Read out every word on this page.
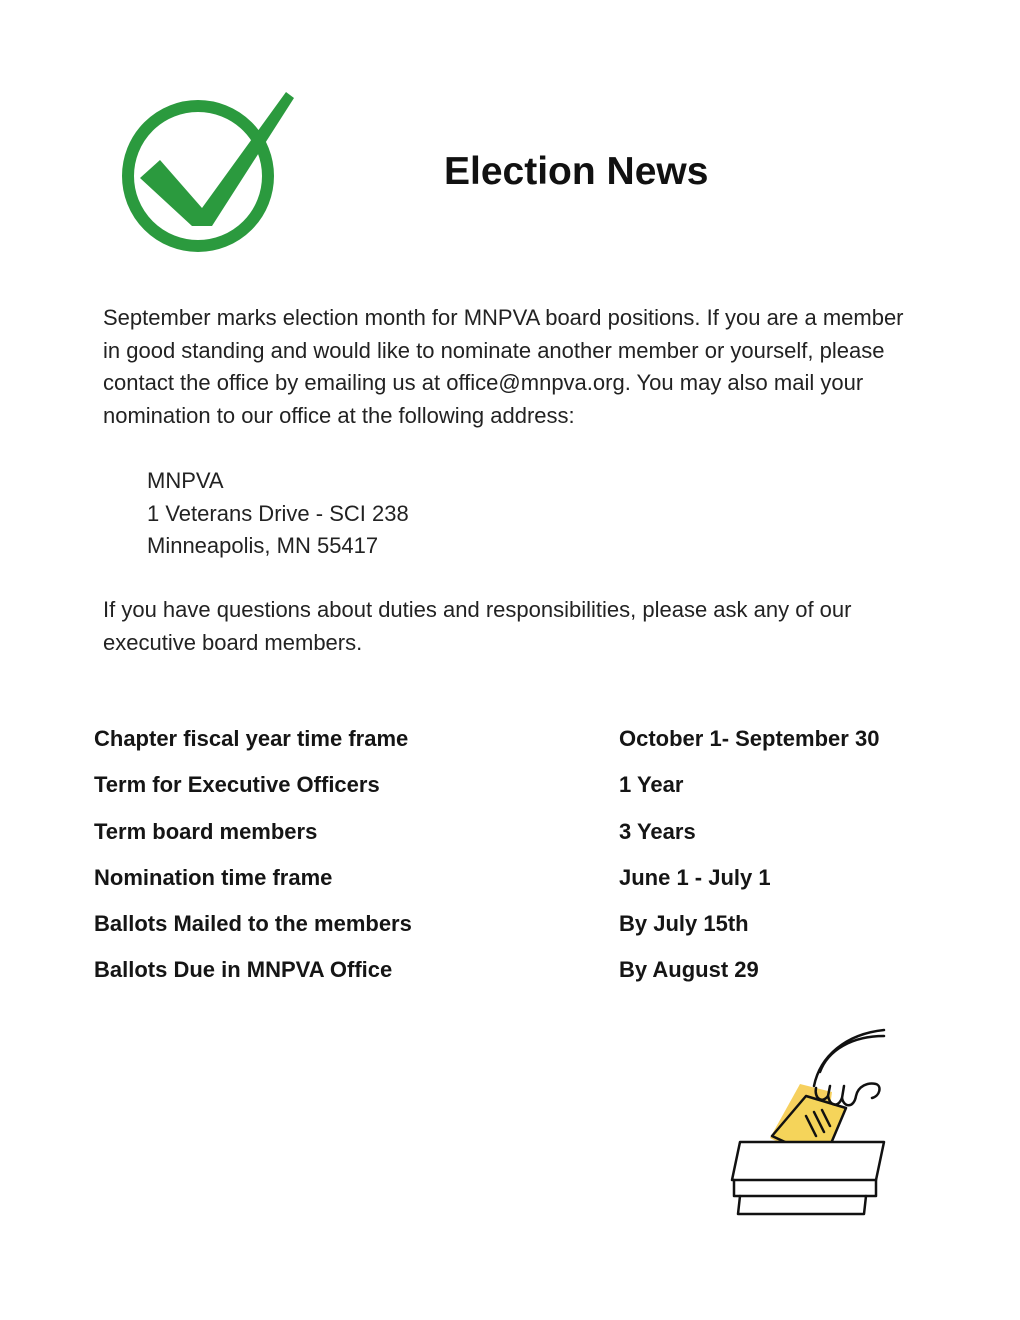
Election News

September marks election month for MNPVA board positions. If you are a member in good standing and would like to nominate another member or yourself, please contact the office by emailing us at office@mnpva.org. You may also mail your nomination to our office at the following address:

MNPVA
1 Veterans Drive - SCI 238
Minneapolis, MN 55417

If you have questions about duties and responsibilities, please ask any of our executive board members.

Chapter fiscal year time frame	October 1- September 30
Term for Executive Officers	1 Year
Term board members	3 Years
Nomination time frame	June 1 - July 1
Ballots Mailed to the members	By July 15th
Ballots Due in MNPVA Office	By August 29
